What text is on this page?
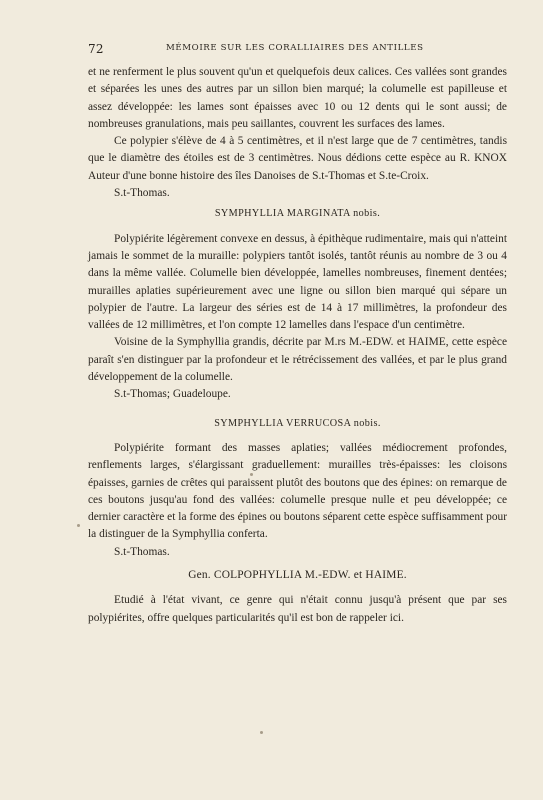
72	MÉMOIRE SUR LES CORALLIAIRES DES ANTILLES

et ne renferment le plus souvent qu'un et quelquefois deux calices. Ces vallées sont grandes et séparées les unes des autres par un sillon bien marqué; la columelle est papilleuse et assez développée: les lames sont épaisses avec 10 ou 12 dents qui le sont aussi; de nombreuses granulations, mais peu saillantes, couvrent les surfaces des lames.

Ce polypier s'élève de 4 à 5 centimètres, et il n'est large que de 7 centimètres, tandis que le diamètre des étoiles est de 3 centimètres. Nous dédions cette espèce au R. KNOX Auteur d'une bonne histoire des îles Danoises de S.t-Thomas et S.te-Croix.

S.t-Thomas.

SYMPHYLLIA MARGINATA nobis.

Polypiérite légèrement convexe en dessus, à épithèque rudimentaire, mais qui n'atteint jamais le sommet de la muraille: polypiers tantôt isolés, tantôt réunis au nombre de 3 ou 4 dans la même vallée. Columelle bien développée, lamelles nombreuses, finement dentées; murailles aplaties supérieurement avec une ligne ou sillon bien marqué qui sépare un polypier de l'autre. La largeur des séries est de 14 à 17 millimètres, la profondeur des vallées de 12 millimètres, et l'on compte 12 lamelles dans l'espace d'un centimètre.

Voisine de la Symphyllia grandis, décrite par M.rs M.-EDW. et HAIME, cette espèce paraît s'en distinguer par la profondeur et le rétrécissement des vallées, et par le plus grand développement de la columelle.

S.t-Thomas; Guadeloupe.

SYMPHYLLIA VERRUCOSA nobis.

Polypiérite formant des masses aplaties; vallées médiocrement profondes, renflements larges, s'élargissant graduellement: murailles très-épaisses: les cloisons épaisses, garnies de crêtes qui paraissent plutôt des boutons que des épines: on remarque de ces boutons jusqu'au fond des vallées: columelle presque nulle et peu développée; ce dernier caractère et la forme des épines ou boutons séparent cette espèce suffisamment pour la distinguer de la Symphyllia conferta.

S.t-Thomas.

Gen. COLPOPHYLLIA M.-EDW. et HAIME.

Etudié à l'état vivant, ce genre qui n'était connu jusqu'à présent que par ses polypiérites, offre quelques particularités qu'il est bon de rappeler ici.
